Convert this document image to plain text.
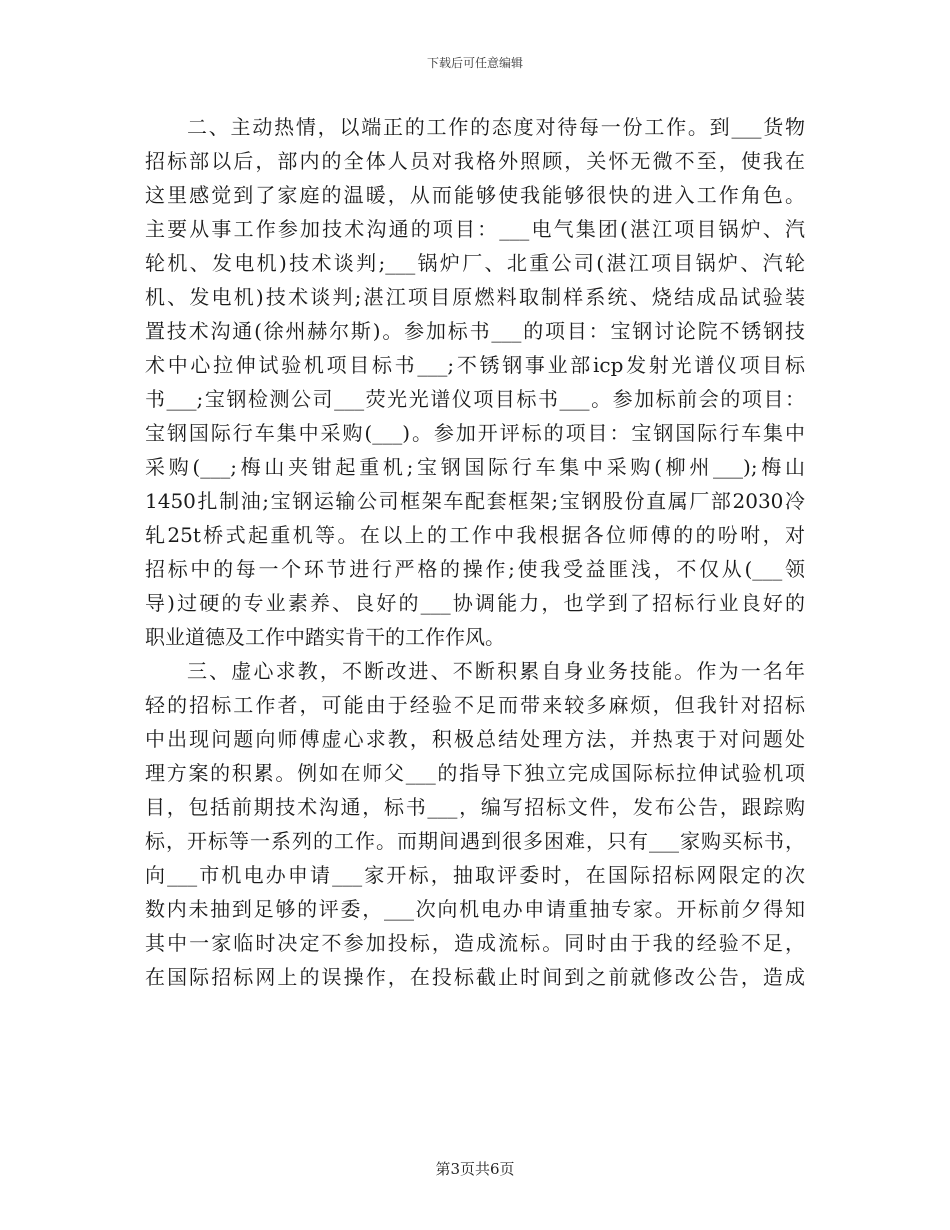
下载后可任意编辑
二、主动热情，以端正的工作的态度对待每一份工作。到___货物
招标部以后，部内的全体人员对我格外照顾，关怀无微不至，使我在
这里感觉到了家庭的温暖，从而能够使我能够很快的进入工作角色。
主要从事工作参加技术沟通的项目：___电气集团(湛江项目锅炉、汽
轮机、发电机)技术谈判;___锅炉厂、北重公司(湛江项目锅炉、汽轮
机、发电机)技术谈判;湛江项目原燃料取制样系统、烧结成品试验装
置技术沟通(徐州赫尔斯)。参加标书___的项目：宝钢讨论院不锈钢技
术中心拉伸试验机项目标书___;不锈钢事业部icp发射光谱仪项目标
书___;宝钢检测公司___荧光光谱仪项目标书___。参加标前会的项目：
宝钢国际行车集中采购(___)。参加开评标的项目：宝钢国际行车集中
采购(___;梅山夹钳起重机;宝钢国际行车集中采购(柳州___);梅山
1450扎制油;宝钢运输公司框架车配套框架;宝钢股份直属厂部2030冷
轧25t桥式起重机等。在以上的工作中我根据各位师傅的的吩咐，对
招标中的每一个环节进行严格的操作;使我受益匪浅，不仅从(___领
导)过硬的专业素养、良好的___协调能力，也学到了招标行业良好的
职业道德及工作中踏实肯干的工作作风。
三、虚心求教，不断改进、不断积累自身业务技能。作为一名年
轻的招标工作者，可能由于经验不足而带来较多麻烦，但我针对招标
中出现问题向师傅虚心求教，积极总结处理方法，并热衷于对问题处
理方案的积累。例如在师父___的指导下独立完成国际标拉伸试验机项
目，包括前期技术沟通，标书___，编写招标文件，发布公告，跟踪购
标，开标等一系列的工作。而期间遇到很多困难，只有___家购买标书，
向___市机电办申请___家开标，抽取评委时，在国际招标网限定的次
数内未抽到足够的评委，___次向机电办申请重抽专家。开标前夕得知
其中一家临时决定不参加投标，造成流标。同时由于我的经验不足，
在国际招标网上的误操作，在投标截止时间到之前就修改公告，造成
第3页共6页
